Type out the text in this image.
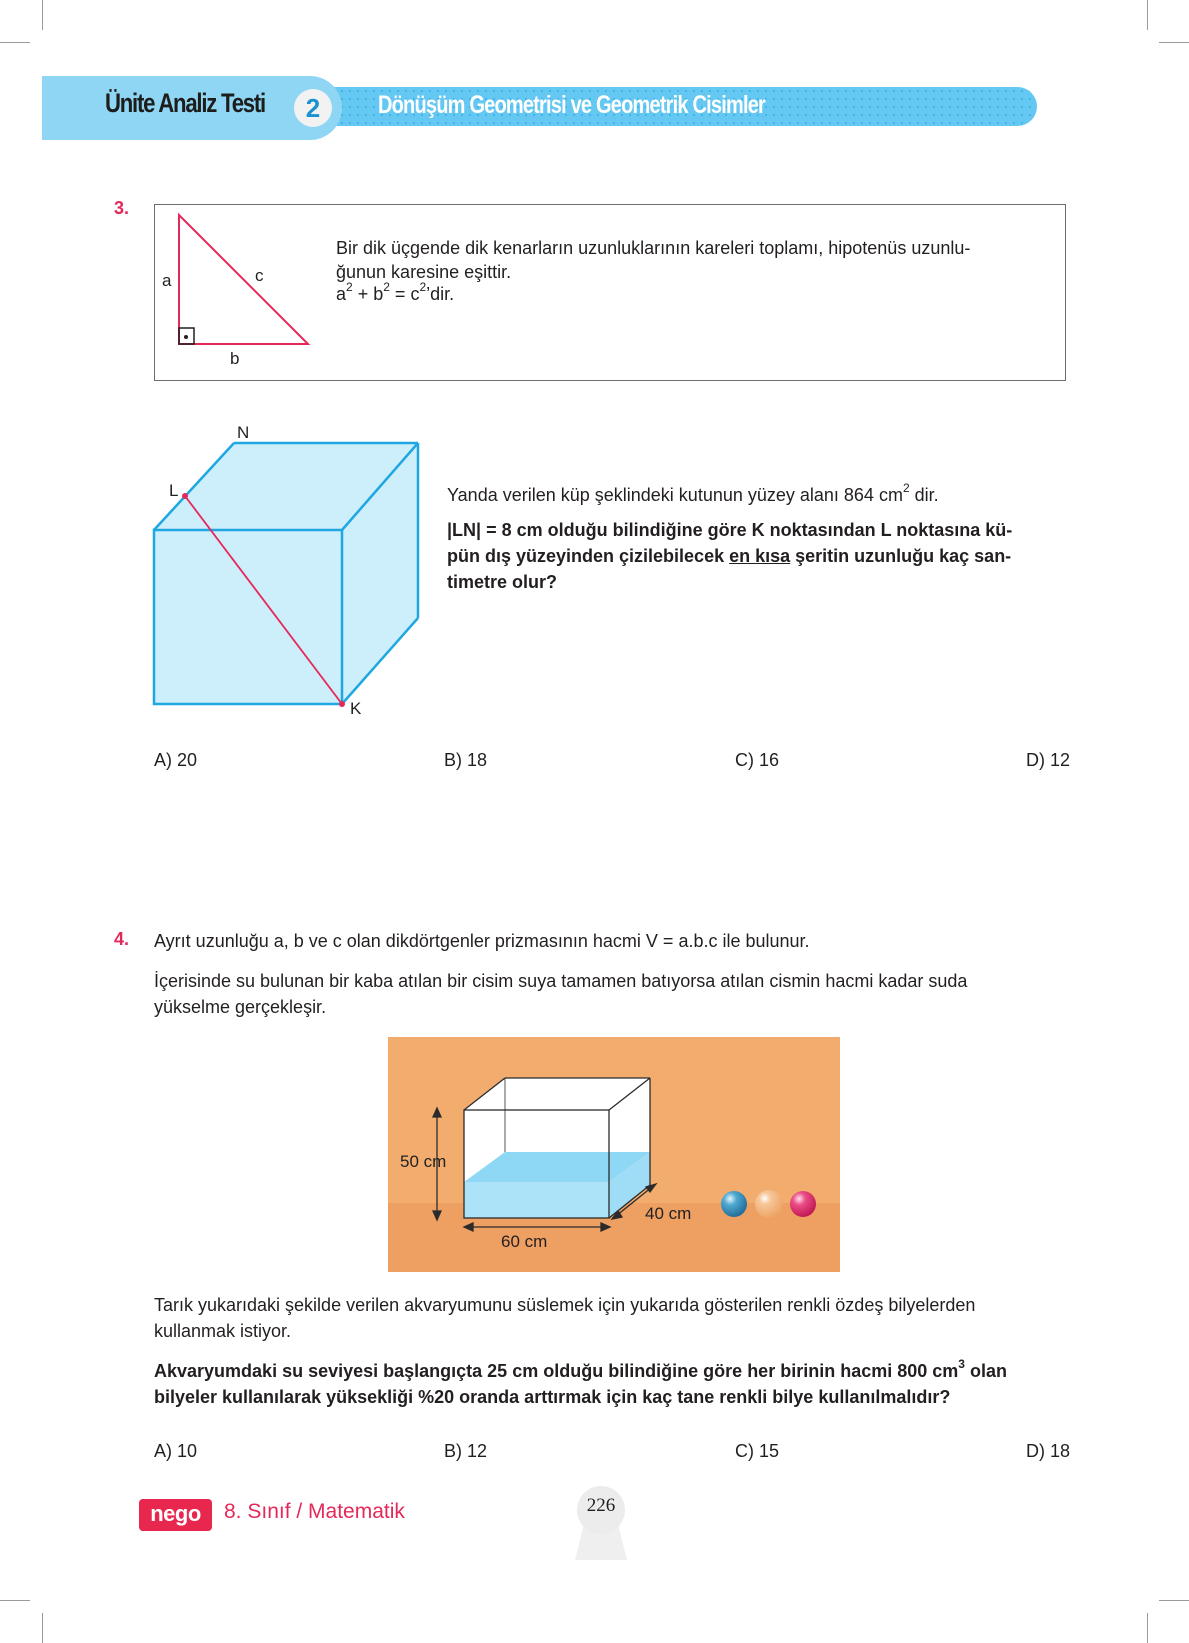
Ünite Analiz Testi	2	Dönüşüm Geometrisi ve Geometrik Cisimler
3.
a	c
b
Bir dik üçgende dik kenarların uzunluklarının kareleri toplamı, hipotenüs uzunlu-
ğunun karesine eşittir.
$a^2 + b^2$ = $c^2’dir$.
N
L
K
Yanda verilen küp şeklindeki kutunun yüzey alanı 864 $cm^2$ dir.
|LN| = 8 cm olduğu bilindiğine göre K noktasından L noktasına kü-
pün dış yüzeyinden çizilebilecek en kısa şeritin uzunluğu kaç san-
timetre olur?
A) 20	B) 18	C) 16	D) 12
4. Ayrıt uzunluğu a, b ve c olan dikdörtgenler prizmasının hacmi V = a.b.c ile bulunur.
İçerisinde su bulunan bir kaba atılan bir cisim suya tamamen batıyorsa atılan cismin hacmi kadar suda
yükselme gerçekleşir.
50 cm
60 cm
40 cm
Tarık yukarıdaki şekilde verilen akvaryumunu süslemek için yukarıda gösterilen renkli özdeş bilyelerden
kullanmak istiyor.
Akvaryumdaki su seviyesi başlangıçta 25 cm olduğu bilindiğine göre her birinin hacmi 800 $cm^3$ olan
bilyeler kullanılarak yüksekliği %20 oranda arttırmak için kaç tane renkli bilye kullanılmalıdır?
A) 10	B) 12	C) 15	D) 18
nego	8. Sınıf / Matematik	226
